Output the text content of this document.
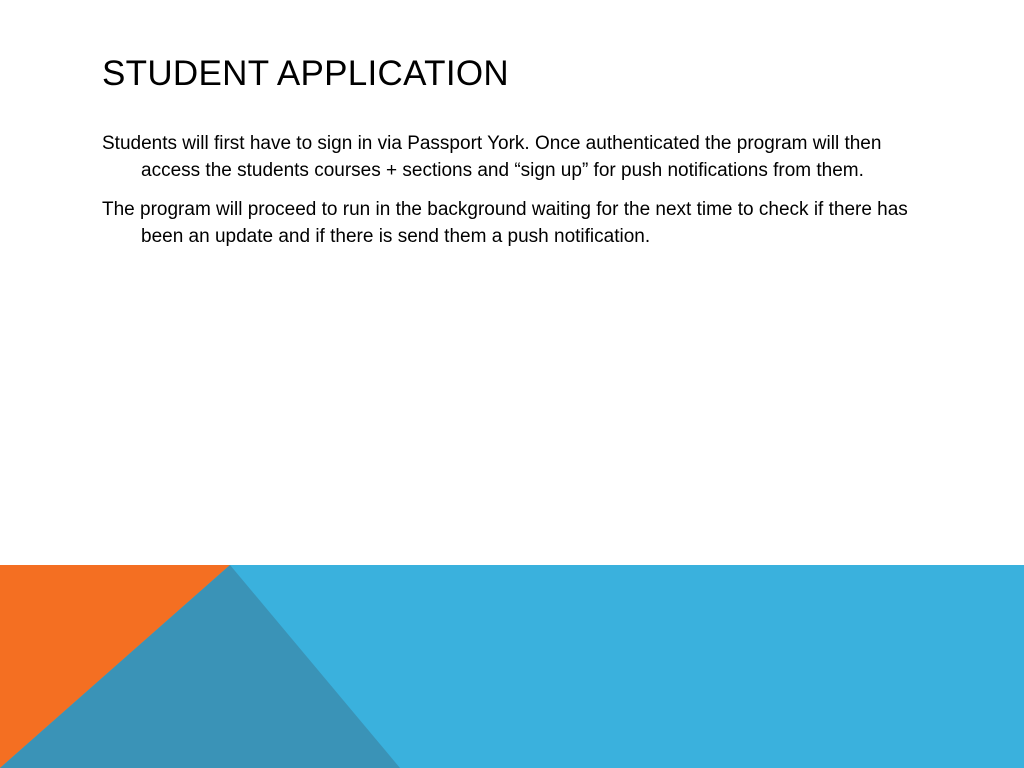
STUDENT APPLICATION

Students will first have to sign in via Passport York. Once authenticated the program will then access the students courses + sections and “sign up” for push notifications from them.

The program will proceed to run in the background waiting for the next time to check if there has been an update and if there is send them a push notification.
